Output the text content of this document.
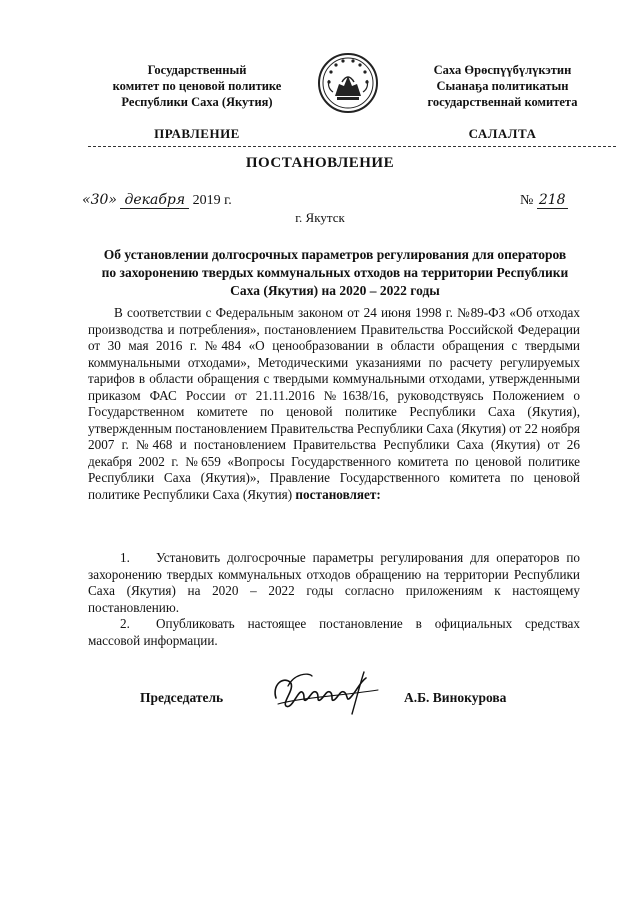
Государственный
комитет по ценовой политике
Республики Саха (Якутия)
Саха Өрөспүүбүлүкэтин
Сыанаҕа политикатын
государственнай комитета
ПРАВЛЕНИЕ	САЛАЛТА
ПОСТАНОВЛЕНИЕ
«30» декабря 2019 г.	№ 218
г. Якутск
Об установлении долгосрочных параметров регулирования для операторов по захоронению твердых коммунальных отходов на территории Республики Саха (Якутия) на 2020 – 2022 годы

В соответствии с Федеральным законом от 24 июня 1998 г. №89-ФЗ «Об отходах производства и потребления», постановлением Правительства Российской Федерации от 30 мая 2016 г. №484 «О ценообразовании в области обращения с твердыми коммунальными отходами», Методическими указаниями по расчету регулируемых тарифов в области обращения с твердыми коммунальными отходами, утвержденными приказом ФАС России от 21.11.2016 №1638/16, руководствуясь Положением о Государственном комитете по ценовой политике Республики Саха (Якутия), утвержденным постановлением Правительства Республики Саха (Якутия) от 22 ноября 2007 г. №468 и постановлением Правительства Республики Саха (Якутия) от 26 декабря 2002 г. №659 «Вопросы Государственного комитета по ценовой политике Республики Саха (Якутия)», Правление Государственного комитета по ценовой политике Республики Саха (Якутия) постановляет:

1. Установить долгосрочные параметры регулирования для операторов по захоронению твердых коммунальных отходов обращению на территории Республики Саха (Якутия) на 2020 – 2022 годы согласно приложениям к настоящему постановлению.

2. Опубликовать настоящее постановление в официальных средствах массовой информации.

Председатель	А.Б. Винокурова
